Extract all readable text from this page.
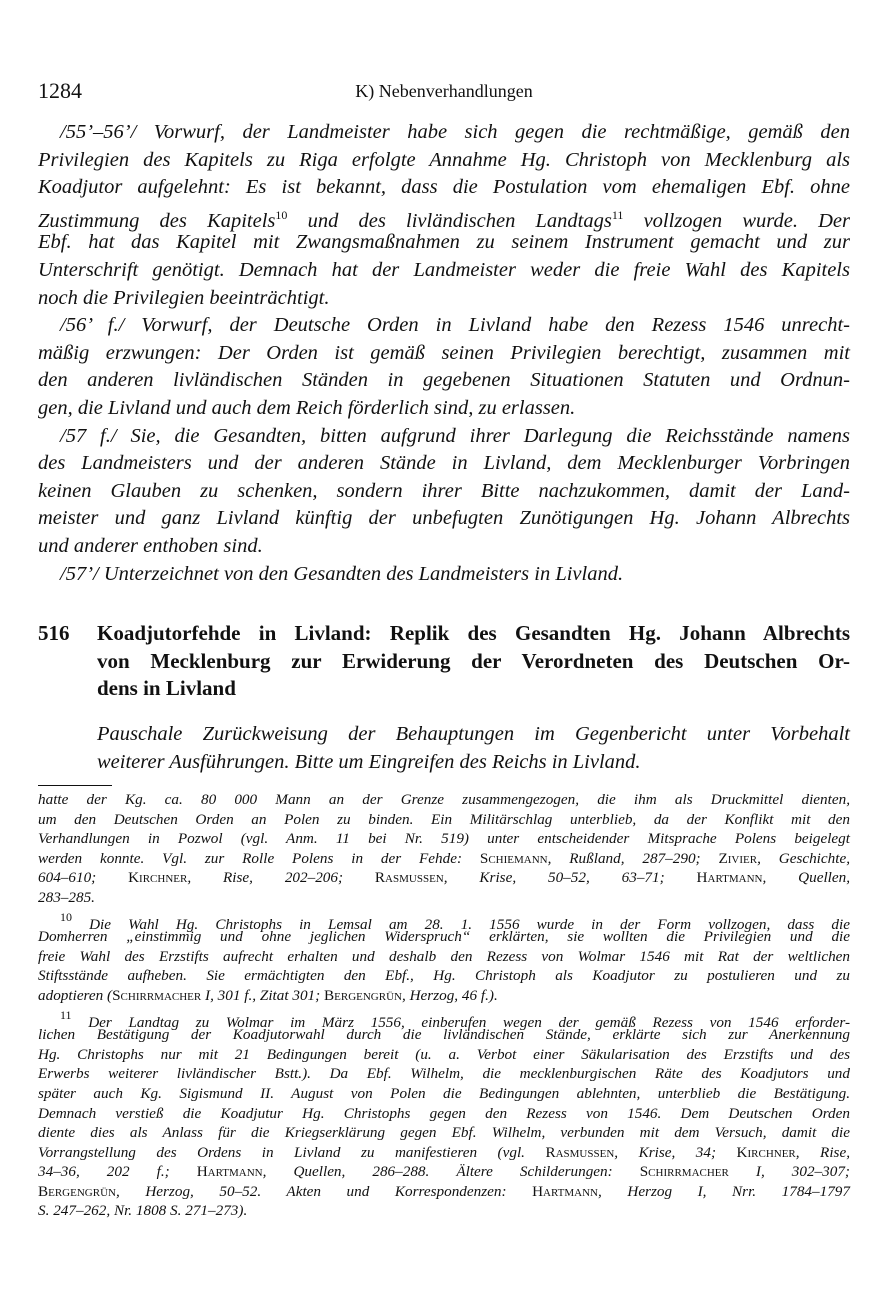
1284	K) Nebenverhandlungen
/55’–56’/ Vorwurf, der Landmeister habe sich gegen die rechtmäßige, gemäß den
Privilegien des Kapitels zu Riga erfolgte Annahme Hg. Christoph von Mecklenburg als
Koadjutor aufgelehnt: Es ist bekannt, dass die Postulation vom ehemaligen Ebf. ohne
Zustimmung des Kapitels$^{10}$ und des livländischen Landtags$^{11}$ vollzogen wurde. Der
Ebf. hat das Kapitel mit Zwangsmaßnahmen zu seinem Instrument gemacht und zur
Unterschrift genötigt. Demnach hat der Landmeister weder die freie Wahl des Kapitels
noch die Privilegien beeinträchtigt.
/56’ f./ Vorwurf, der Deutsche Orden in Livland habe den Rezess 1546 unrecht-
mäßig erzwungen: Der Orden ist gemäß seinen Privilegien berechtigt, zusammen mit
den anderen livländischen Ständen in gegebenen Situationen Statuten und Ordnun-
gen, die Livland und auch dem Reich förderlich sind, zu erlassen.
/57 f./ Sie, die Gesandten, bitten aufgrund ihrer Darlegung die Reichsstände namens
des Landmeisters und der anderen Stände in Livland, dem Mecklenburger Vorbringen
keinen Glauben zu schenken, sondern ihrer Bitte nachzukommen, damit der Land-
meister und ganz Livland künftig der unbefugten Zunötigungen Hg. Johann Albrechts
und anderer enthoben sind.
/57’/ Unterzeichnet von den Gesandten des Landmeisters in Livland.
516 Koadjutorfehde in Livland: Replik des Gesandten Hg. Johann Albrechts
von Mecklenburg zur Erwiderung der Verordneten des Deutschen Or-
dens in Livland
Pauschale Zurückweisung der Behauptungen im Gegenbericht unter Vorbehalt
weiterer Ausführungen. Bitte um Eingreifen des Reichs in Livland.
hatte der Kg. ca. 80 000 Mann an der Grenze zusammengezogen, die ihm als Druckmittel dienten,
um den Deutschen Orden an Polen zu binden. Ein Militärschlag unterblieb, da der Konflikt mit den
Verhandlungen in Pozwol (vgl. Anm. 11 bei Nr. 519) unter entscheidender Mitsprache Polens beigelegt
werden konnte. Vgl. zur Rolle Polens in der Fehde: Schiemann, Rußland, 287–290; Zivier, Geschichte,
604–610; Kirchner, Rise, 202–206; Rasmussen, Krise, 50–52, 63–71; Hartmann, Quellen,
283–285.
$^{10}$ Die Wahl Hg. Christophs in Lemsal am 28. 1. 1556 wurde in der Form vollzogen, dass die
Domherren „einstimmig und ohne jeglichen Widerspruch“ erklärten, sie wollten die Privilegien und die
freie Wahl des Erzstifts aufrecht erhalten und deshalb den Rezess von Wolmar 1546 mit Rat der weltlichen
Stiftsstände aufheben. Sie ermächtigten den Ebf., Hg. Christoph als Koadjutor zu postulieren und zu
adoptieren (Schirrmacher I, 301 f., Zitat 301; Bergengrün, Herzog, 46 f.).
$^{11}$ Der Landtag zu Wolmar im März 1556, einberufen wegen der gemäß Rezess von 1546 erforder-
lichen Bestätigung der Koadjutorwahl durch die livländischen Stände, erklärte sich zur Anerkennung
Hg. Christophs nur mit 21 Bedingungen bereit (u. a. Verbot einer Säkularisation des Erzstifts und des
Erwerbs weiterer livländischer Bstt.). Da Ebf. Wilhelm, die mecklenburgischen Räte des Koadjutors und
später auch Kg. Sigismund II. August von Polen die Bedingungen ablehnten, unterblieb die Bestätigung.
Demnach verstieß die Koadjutur Hg. Christophs gegen den Rezess von 1546. Dem Deutschen Orden
diente dies als Anlass für die Kriegserklärung gegen Ebf. Wilhelm, verbunden mit dem Versuch, damit die
Vorrangstellung des Ordens in Livland zu manifestieren (vgl. Rasmussen, Krise, 34; Kirchner, Rise,
34–36, 202 f.; Hartmann, Quellen, 286–288. Ältere Schilderungen: Schirrmacher I, 302–307;
Bergengrün, Herzog, 50–52. Akten und Korrespondenzen: Hartmann, Herzog I, Nrr. 1784–1797
S. 247–262, Nr. 1808 S. 271–273).
